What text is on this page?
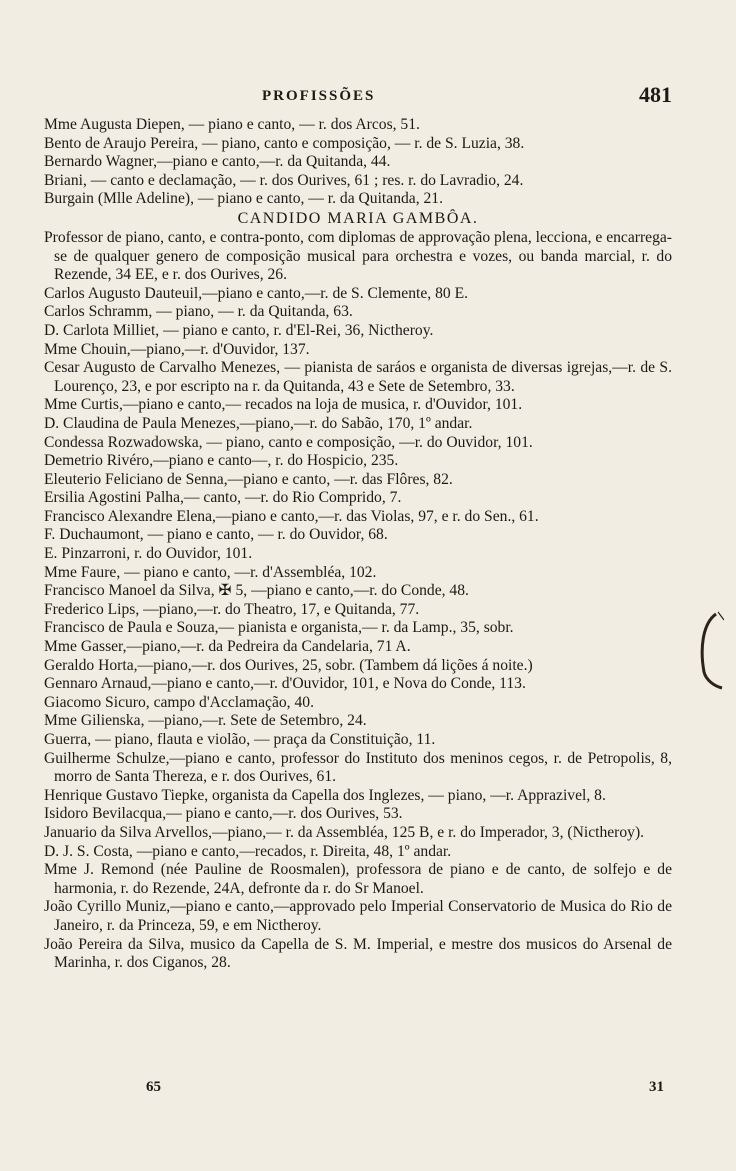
PROFISSÕES	481
Mme Augusta Diepen, — piano e canto, — r. dos Arcos, 51.
Bento de Araujo Pereira, — piano, canto e composição, — r. de S. Luzia, 38.
Bernardo Wagner,—piano e canto,—r. da Quitanda, 44.
Briani, — canto e declamação, — r. dos Ourives, 61 ; res. r. do Lavradio, 24.
Burgain (Mlle Adeline), — piano e canto, — r. da Quitanda, 21.
CANDIDO MARIA GAMBÔA.
Professor de piano, canto, e contra-ponto, com diplomas de approvação plena, lecciona, e encarrega-se de qualquer genero de composição musical para orchestra e vozes, ou banda marcial, r. do Rezende, 34 EE, e r. dos Ourives, 26.
Carlos Augusto Dauteuil,—piano e canto,—r. de S. Clemente, 80 E.
Carlos Schramm, — piano, — r. da Quitanda, 63.
D. Carlota Milliet, — piano e canto, r. d'El-Rei, 36, Nictheroy.
Mme Chouin,—piano,—r. d'Ouvidor, 137.
Cesar Augusto de Carvalho Menezes, — pianista de saráos e organista de diversas igrejas,—r. de S. Lourenço, 23, e por escripto na r. da Quitanda, 43 e Sete de Setembro, 33.
Mme Curtis,—piano e canto,— recados na loja de musica, r. d'Ouvidor, 101.
D. Claudina de Paula Menezes,—piano,—r. do Sabão, 170, 1º andar.
Condessa Rozwadowska, — piano, canto e composição, —r. do Ouvidor, 101.
Demetrio Rivéro,—piano e canto—, r. do Hospicio, 235.
Eleuterio Feliciano de Senna,—piano e canto, —r. das Flôres, 82.
Ersilia Agostini Palha,— canto, —r. do Rio Comprido, 7.
Francisco Alexandre Elena,—piano e canto,—r. das Violas, 97, e r. do Sen., 61.
F. Duchaumont, — piano e canto, — r. do Ouvidor, 68.
E. Pinzarroni, r. do Ouvidor, 101.
Mme Faure, — piano e canto, —r. d'Assembléa, 102.
Francisco Manoel da Silva, ✠ 5, —piano e canto,—r. do Conde, 48.
Frederico Lips, —piano,—r. do Theatro, 17, e Quitanda, 77.
Francisco de Paula e Souza,— pianista e organista,— r. da Lamp., 35, sobr.
Mme Gasser,—piano,—r. da Pedreira da Candelaria, 71 A.
Geraldo Horta,—piano,—r. dos Ourives, 25, sobr. (Tambem dá lições á noite.)
Gennaro Arnaud,—piano e canto,—r. d'Ouvidor, 101, e Nova do Conde, 113.
Giacomo Sicuro, campo d'Acclamação, 40.
Mme Gilienska, —piano,—r. Sete de Setembro, 24.
Guerra, — piano, flauta e violão, — praça da Constituição, 11.
Guilherme Schulze,—piano e canto, professor do Instituto dos meninos cegos, r. de Petropolis, 8, morro de Santa Thereza, e r. dos Ourives, 61.
Henrique Gustavo Tiepke, organista da Capella dos Inglezes, — piano, —r. Apprazivel, 8.
Isidoro Bevilacqua,— piano e canto,—r. dos Ourives, 53.
Januario da Silva Arvellos,—piano,— r. da Assembléa, 125 B, e r. do Imperador, 3, (Nictheroy).
D. J. S. Costa, —piano e canto,—recados, r. Direita, 48, 1º andar.
Mme J. Remond (née Pauline de Roosmalen), professora de piano e de canto, de solfejo e de harmonia, r. do Rezende, 24A, defronte da r. do Sr Manoel.
João Cyrillo Muniz,—piano e canto,—approvado pelo Imperial Conservatorio de Musica do Rio de Janeiro, r. da Princeza, 59, e em Nictheroy.
João Pereira da Silva, musico da Capella de S. M. Imperial, e mestre dos musicos do Arsenal de Marinha, r. dos Ciganos, 28.
65	31
